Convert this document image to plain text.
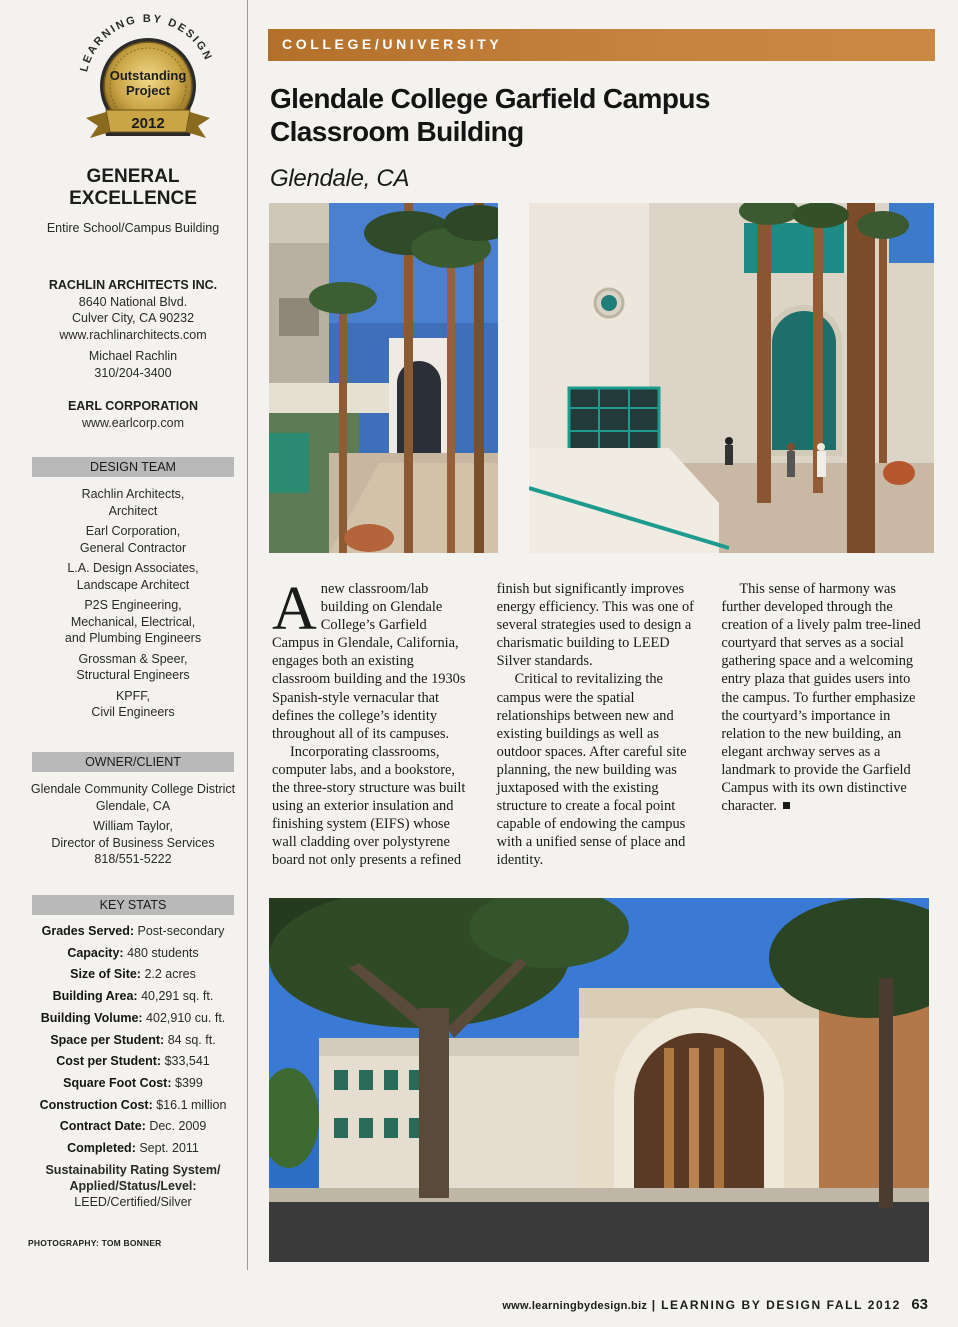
LEARNING BY DESIGN
Outstanding
Project
2012
GENERAL
EXCELLENCE
Entire School/Campus Building
RACHLIN ARCHITECTS INC.
8640 National Blvd.
Culver City, CA 90232
www.rachlinarchitects.com
Michael Rachlin
310/204-3400
EARL CORPORATION
www.earlcorp.com
DESIGN TEAM
Rachlin Architects,
Architect
Earl Corporation,
General Contractor
L.A. Design Associates,
Landscape Architect
P2S Engineering,
Mechanical, Electrical,
and Plumbing Engineers
Grossman & Speer,
Structural Engineers
KPFF,
Civil Engineers
OWNER/CLIENT
Glendale Community College District
Glendale, CA
William Taylor,
Director of Business Services
818/551-5222
KEY STATS
Grades Served: Post-secondary
Capacity: 480 students
Size of Site: 2.2 acres
Building Area: 40,291 sq. ft.
Building Volume: 402,910 cu. ft.
Space per Student: 84 sq. ft.
Cost per Student: $33,541
Square Foot Cost: $399
Construction Cost: $16.1 million
Contract Date: Dec. 2009
Completed: Sept. 2011
Sustainability Rating System/
Applied/Status/Level:
LEED/Certified/Silver
PHOTOGRAPHY: TOM BONNER
COLLEGE/UNIVERSITY
Glendale College Garfield Campus
Classroom Building
Glendale, CA

Anew classroom/lab building on Glendale College’s Garfield Campus in Glendale, California, engages both an existing classroom building and the 1930s Spanish-style vernacular that defines the college’s identity throughout all of its campuses.

Incorporating classrooms, computer labs, and a bookstore, the three-story structure was built using an exterior insulation and finishing system (EIFS) whose wall cladding over polystyrene board not only presents a refined finish but significantly improves energy efficiency. This was one of several strategies used to design a charismatic building to LEED Silver standards.

Critical to revitalizing the campus were the spatial relationships between new and existing buildings as well as outdoor spaces. After careful site planning, the new building was juxtaposed with the existing structure to create a focal point capable of endowing the campus with a unified sense of place and identity.

This sense of harmony was further developed through the creation of a lively palm tree-lined courtyard that serves as a social gathering space and a welcoming entry plaza that guides users into the campus. To further emphasize the courtyard’s importance in relation to the new building, an elegant archway serves as a landmark to provide the Garfield Campus with its own distinctive character.

www.learningbydesign.biz | LEARNING BY DESIGN FALL 2012 63
